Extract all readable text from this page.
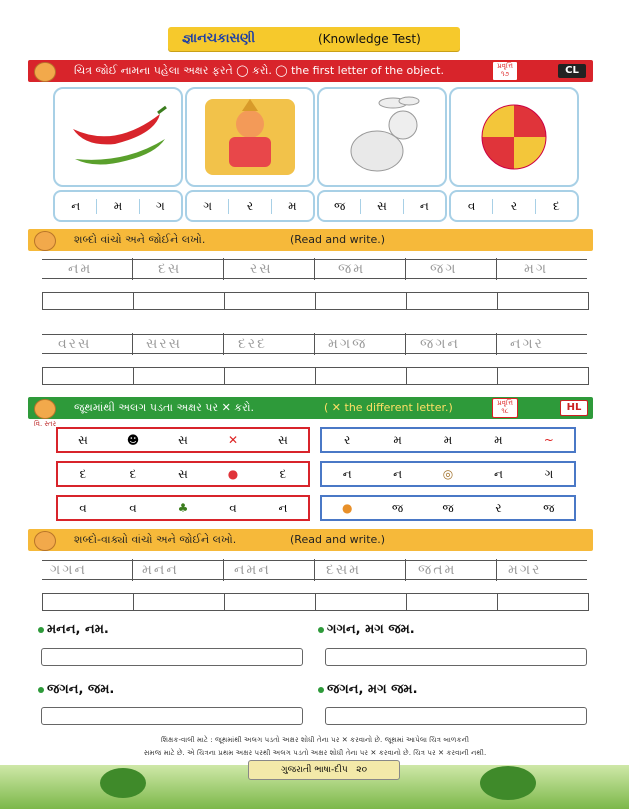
જ્ઞાનચકાસણી	(Knowledge Test)
ચિત્ર જોઈ નામના પહેલા અક્ષર ફરતે ◯ કરો. ◯ the first letter of the object.	પ્રવૃત્તિ ૧૭	CL
ન	મ	ગ	ગ	ર	મ	જ	સ	ન	વ	ર	દ
શબ્દો વાંચો અને જોઈને લખો.	(Read and write.)
નમ	દસ	રસ	જમ	જગ	મગ
વરસ	સરસ	દરદ	મગજ	જગન	નગર
જૂથમાંથી અલગ પડતા અક્ષર પર ✕ કરો.	( ✕ the different letter.)	પ્રવૃત્તિ ૧૮	HL
વિ. સ્તર
સ	☻	સ	✕	સ
દ	દ	સ	●	દ
વ	વ	♣	વ	ન
ર	મ	મ	મ	~
ન	ન	◎	ન	ગ
●	જ	જ	ર	જ
શબ્દો-વાક્યો વાંચો અને જોઈને લખો.	(Read and write.)
ગગન	મનન	નમન	દસમ	જતમ	મગર
મનન, નમ.	ગગન, મગ જમ.
જગન, જમ.	જગન, મગ જમ.
શિક્ષક-વાલી માટે : જૂથમાંથી અલગ પડતો અક્ષર શોધી તેના પર ✕ કરવાનો છે. જૂથમાં આપેલા ચિત્ર બાળકની
સમજ માટે છે. એ ચિત્રના પ્રથમ અક્ષર પરથી અલગ પડતો અક્ષર શોધી તેના પર ✕ કરવાનો છે. ચિત્ર પર ✕ કરવાની નથી.
ગુજરાતી ભાષા-દીપ ૨૦
